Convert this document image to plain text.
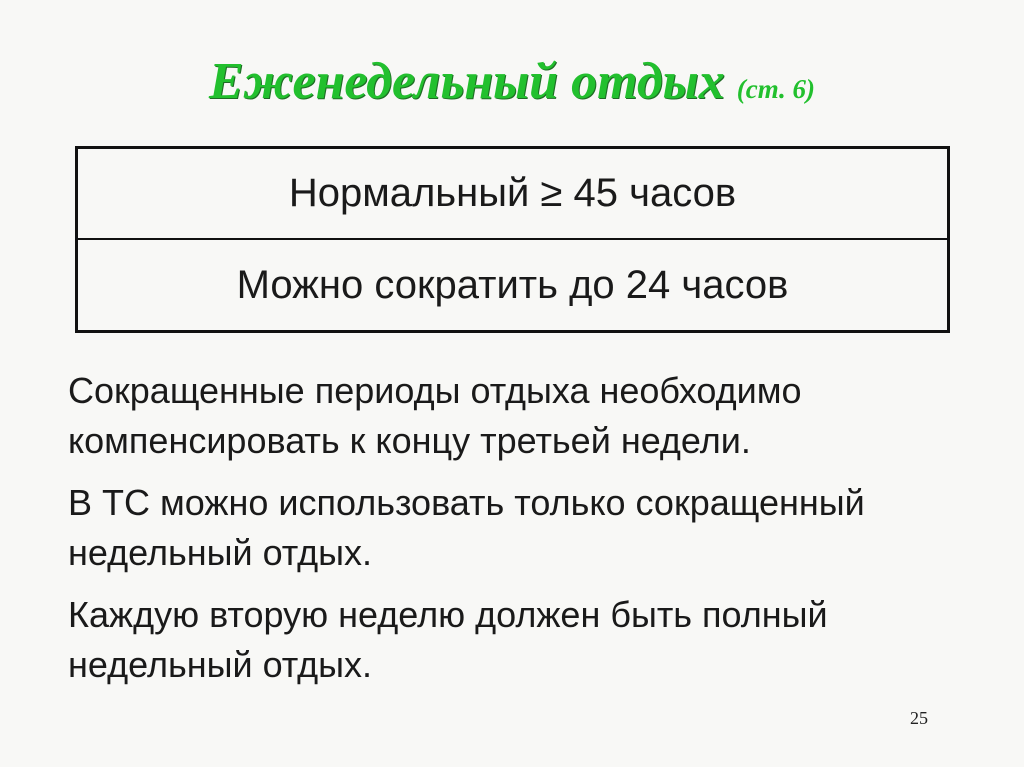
Еженедельный отдых (ст. 6)
Нормальный ≥ 45 часов
Можно сократить до 24 часов
Сокращенные периоды отдыха необходимо компенсировать к концу третьей недели.
В ТС можно использовать только сокращенный недельный отдых.
Каждую вторую неделю должен быть полный недельный отдых.
25
